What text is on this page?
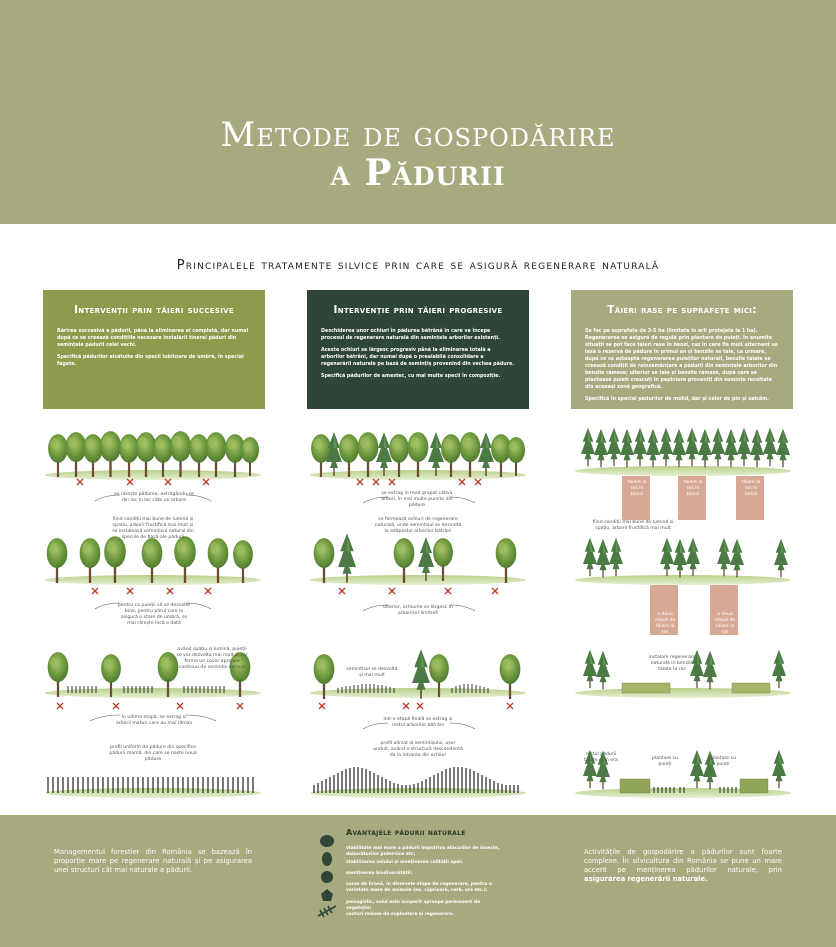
Metode de gospodărire
a Pădurii
Principalele tratamente silvice prin care se asigură regenerare naturală
Intervenții prin tăieri succesive

Rărirea succesivă a pădurii, până la eliminarea ei completă, dar numai după ce se creează condițiile necesare instalării tinerei păduri din semințele pădurii celei vechi.

Specifică pădurilor alcătuite din specii iubitoare de umbră, în special făgete.

Intervenție prin tăieri progresive

Deschiderea unor ochiuri în pădurea bătrână în care va începe procesul de regenerare naturală din semințele arborilor existenți.

Aceste ochiuri se lărgesc progresiv până la eliminarea totală a arborilor bătrâni, dar numai după o prealabilă consolidare a regenerării naturale pe bază de semințiș provenind din vechea pădure.

Specifică pădurilor de amestec, cu mai multe specii în compoziție.

Tăieri rase pe suprafețe mici:

Se fac pe suprafețe de 3-5 ha (limitate în arii protejate la 1 ha). Regenerarea se asigură de regulă prin plantare de puieți. În anumite situații se pot face tăieri rase în benzi, caz în care fie mult alternant se lasă o rezervă de pădure în primul an și benzile se taie, ca urmare, după ce se așteaptă regenerarea puieților naturali, benzile tăiate se creează condiții de reînsămânțare a pădurii din semințele arborilor din benzile rămase; ulterior se taie și benzile rămase, după care se plantează puieți crescuți în pepiniere proveniți din semințe recoltate din aceeași zonă geografică.

Specifică în special pădurilor de molid, dar și celor de pin și salcâm.

se rărește pădurea, extrăgându-se din loc în loc câte un arbore
fiind condiții mai bune de lumină și spațiu, arborii fructifică mai mult și se instalează semințișul natural din speciile de bază ale pădurii
pentru ca puieții să se dezvolte bine, pentru părul care le asigură o stare de umbră, se mai rărește încă o dată
având spațiu și lumină, puieții se vor dezvolta mai mult și vor forma un covor aproape continuu de semințiș natural
în ultima etapă, se extrag și arborii maturi care au mai rămas
profil uniform de pădure din specifice pădurii mamă, din care se naște noua pădure
se extrag în mod grupat câțiva arbori, în mai multe puncte din pădure
se formează ochiuri de regenerare naturală, unde semințișul se dezvoltă la adăpostul arborilor bătrâni
ulterior, ochiurile se lărgesc în arborii(e) limitrofi
semințișul se dezvoltă și mai mult
într-o etapă finală se extrag și restul arborilor bătrâni
profil aliniat al semințișului, ușor unduit, având o structură descendentă de la intrarea din ochiuri
tăiere la ras în benzi
tăiere la ras în benzi
tăiere la ras în benzi
fiind condiții mai bune de lumină și spațiu, arborii fructifică mai mult
a doua etapă de tăiere la ras
a doua etapă de tăiere la ras
instalare regenerare naturală în benzile tăiate la ras
restul pădurii tăiate cum era	plantare cu puieți
plantare cu puieți
Managementul forestier din România se bazează în proporție mare pe regenerare naturală și pe asigurarea unei structuri cât mai naturale a pădurii.
Avantajele pădurii naturale
stabilitate mai mare a pădurii împotriva atacurilor de insecte, doborâturilor puternice etc;
stabilizarea solului și menținerea calității apei;
menținerea biodiversității;
surse de hrană, în diversele etape de regenerare, pentru o varietate mare de animale (ex. căprioară, cerb, urs etc.);
peisagistic, solul este acoperit aproape permanent de vegetație;
costuri reduse de exploatare și regenerare.
Activitățile de gospodărire a pădurilor sunt foarte complexe. În silvicultura din România se pune un mare accent pe menținerea pădurilor naturale, prin asigurarea regenerării naturale.
